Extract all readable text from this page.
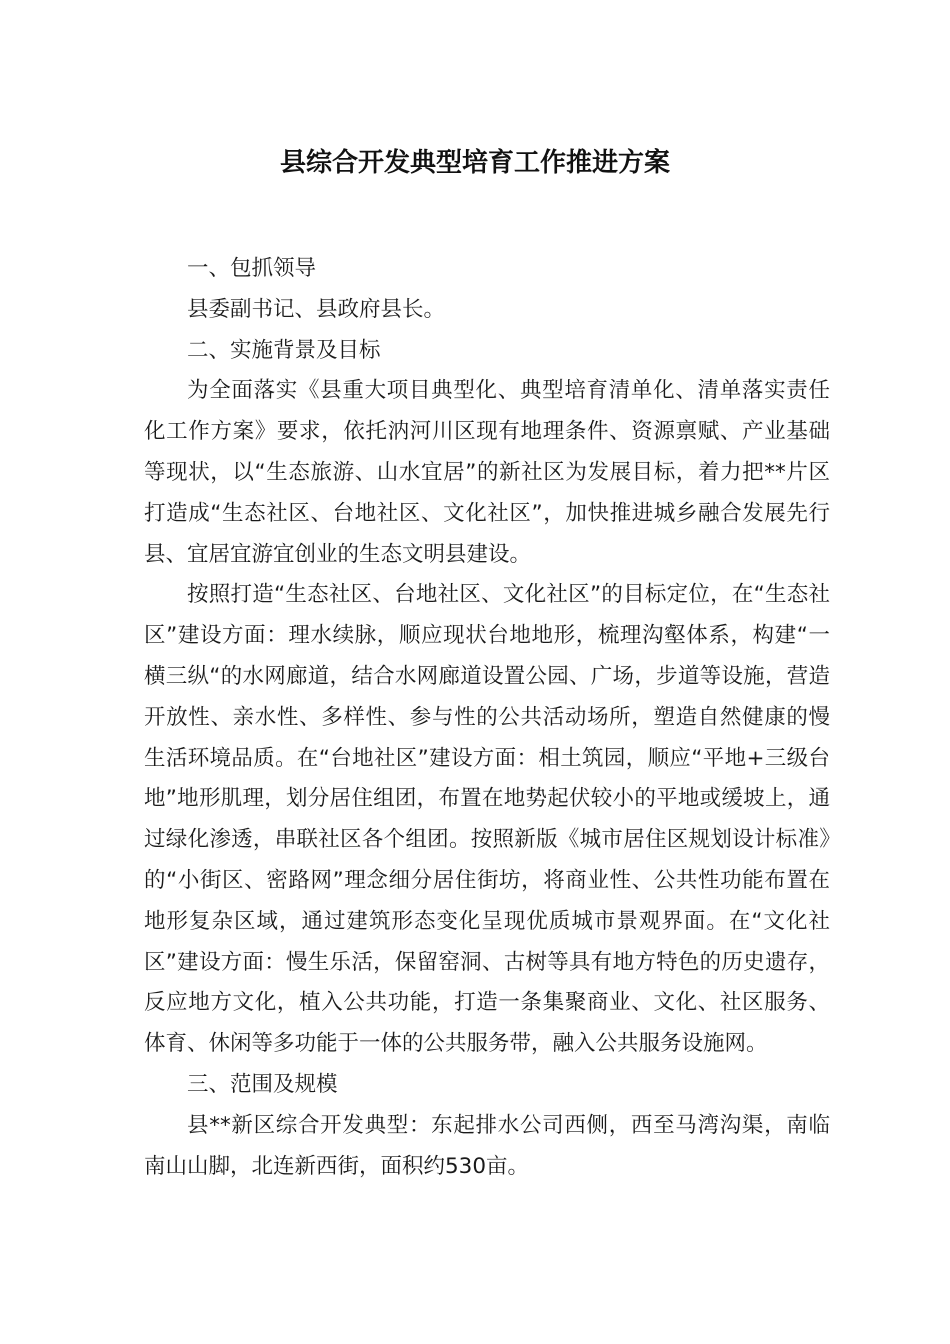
县综合开发典型培育工作推进方案

一、包抓领导

县委副书记、县政府县长。

二、实施背景及目标

为全面落实《县重大项目典型化、典型培育清单化、清单落实责任化工作方案》要求，依托汭河川区现有地理条件、资源禀赋、产业基础等现状，以“生态旅游、山水宜居”的新社区为发展目标，着力把**片区打造成“生态社区、台地社区、文化社区”，加快推进城乡融合发展先行县、宜居宜游宜创业的生态文明县建设。

按照打造“生态社区、台地社区、文化社区”的目标定位，在“生态社区”建设方面：理水续脉，顺应现状台地地形，梳理沟壑体系，构建“一横三纵“的水网廊道，结合水网廊道设置公园、广场，步道等设施，营造开放性、亲水性、多样性、参与性的公共活动场所，塑造自然健康的慢生活环境品质。在“台地社区”建设方面：相土筑园，顺应“平地+三级台地”地形肌理，划分居住组团，布置在地势起伏较小的平地或缓坡上，通过绿化渗透，串联社区各个组团。按照新版《城市居住区规划设计标准》的“小街区、密路网”理念细分居住街坊，将商业性、公共性功能布置在地形复杂区域，通过建筑形态变化呈现优质城市景观界面。在“文化社区”建设方面：慢生乐活，保留窑洞、古树等具有地方特色的历史遗存，反应地方文化，植入公共功能，打造一条集聚商业、文化、社区服务、体育、休闲等多功能于一体的公共服务带，融入公共服务设施网。

三、范围及规模

县**新区综合开发典型：东起排水公司西侧，西至马湾沟渠，南临南山山脚，北连新西街，面积约530亩。
